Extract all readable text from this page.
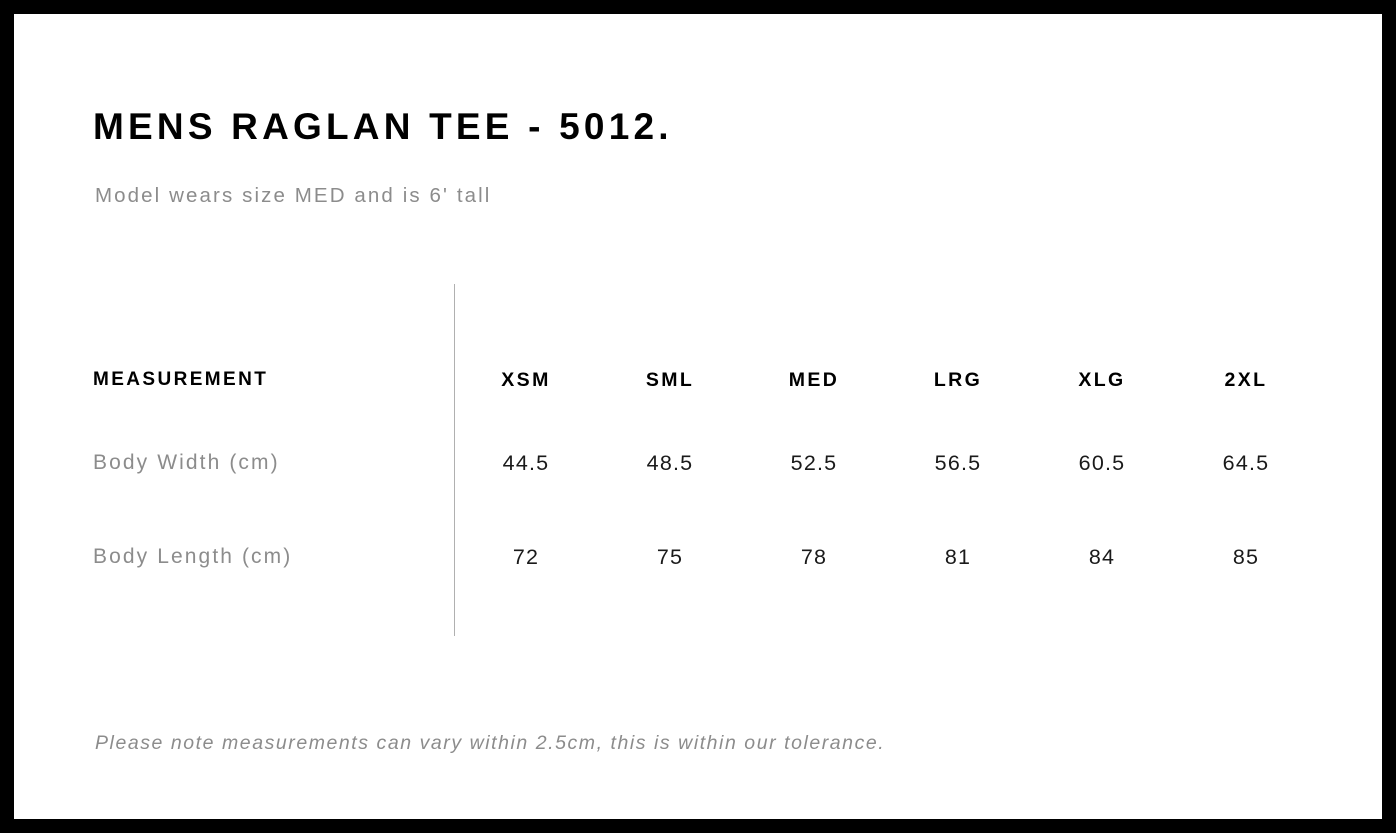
MENS RAGLAN TEE - 5012.
Model wears size MED and is 6' tall
MEASUREMENT	XSM	SML	MED	LRG	XLG	2XL
Body Width (cm)	44.5	48.5	52.5	56.5	60.5	64.5
Body Length (cm)	72	75	78	81	84	85
Please note measurements can vary within 2.5cm, this is within our tolerance.
